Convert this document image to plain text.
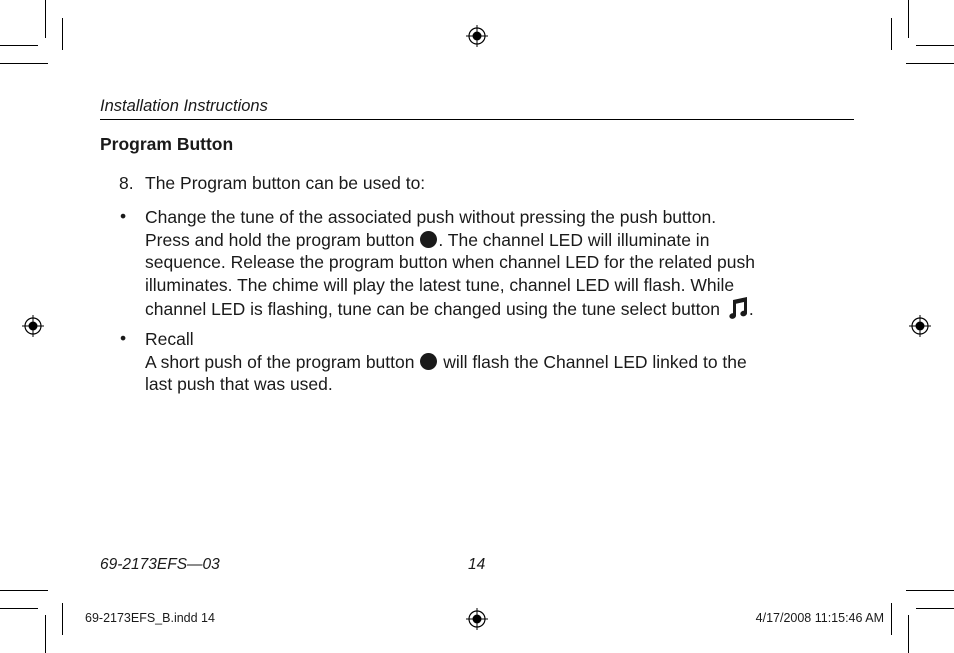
Installation Instructions
Program Button
8. The Program button can be used to:
• Change the tune of the associated push without pressing the push button.
Press and hold the program button . The channel LED will illuminate in
sequence. Release the program button when channel LED for the related push
illuminates. The chime will play the latest tune, channel LED will flash. While
channel LED is flashing, tune can be changed using the tune select button .
• Recall
A short push of the program button will flash the Channel LED linked to the
last push that was used.
69-2173EFS—03	14
69-2173EFS_B.indd 14	4/17/2008 11:15:46 AM
